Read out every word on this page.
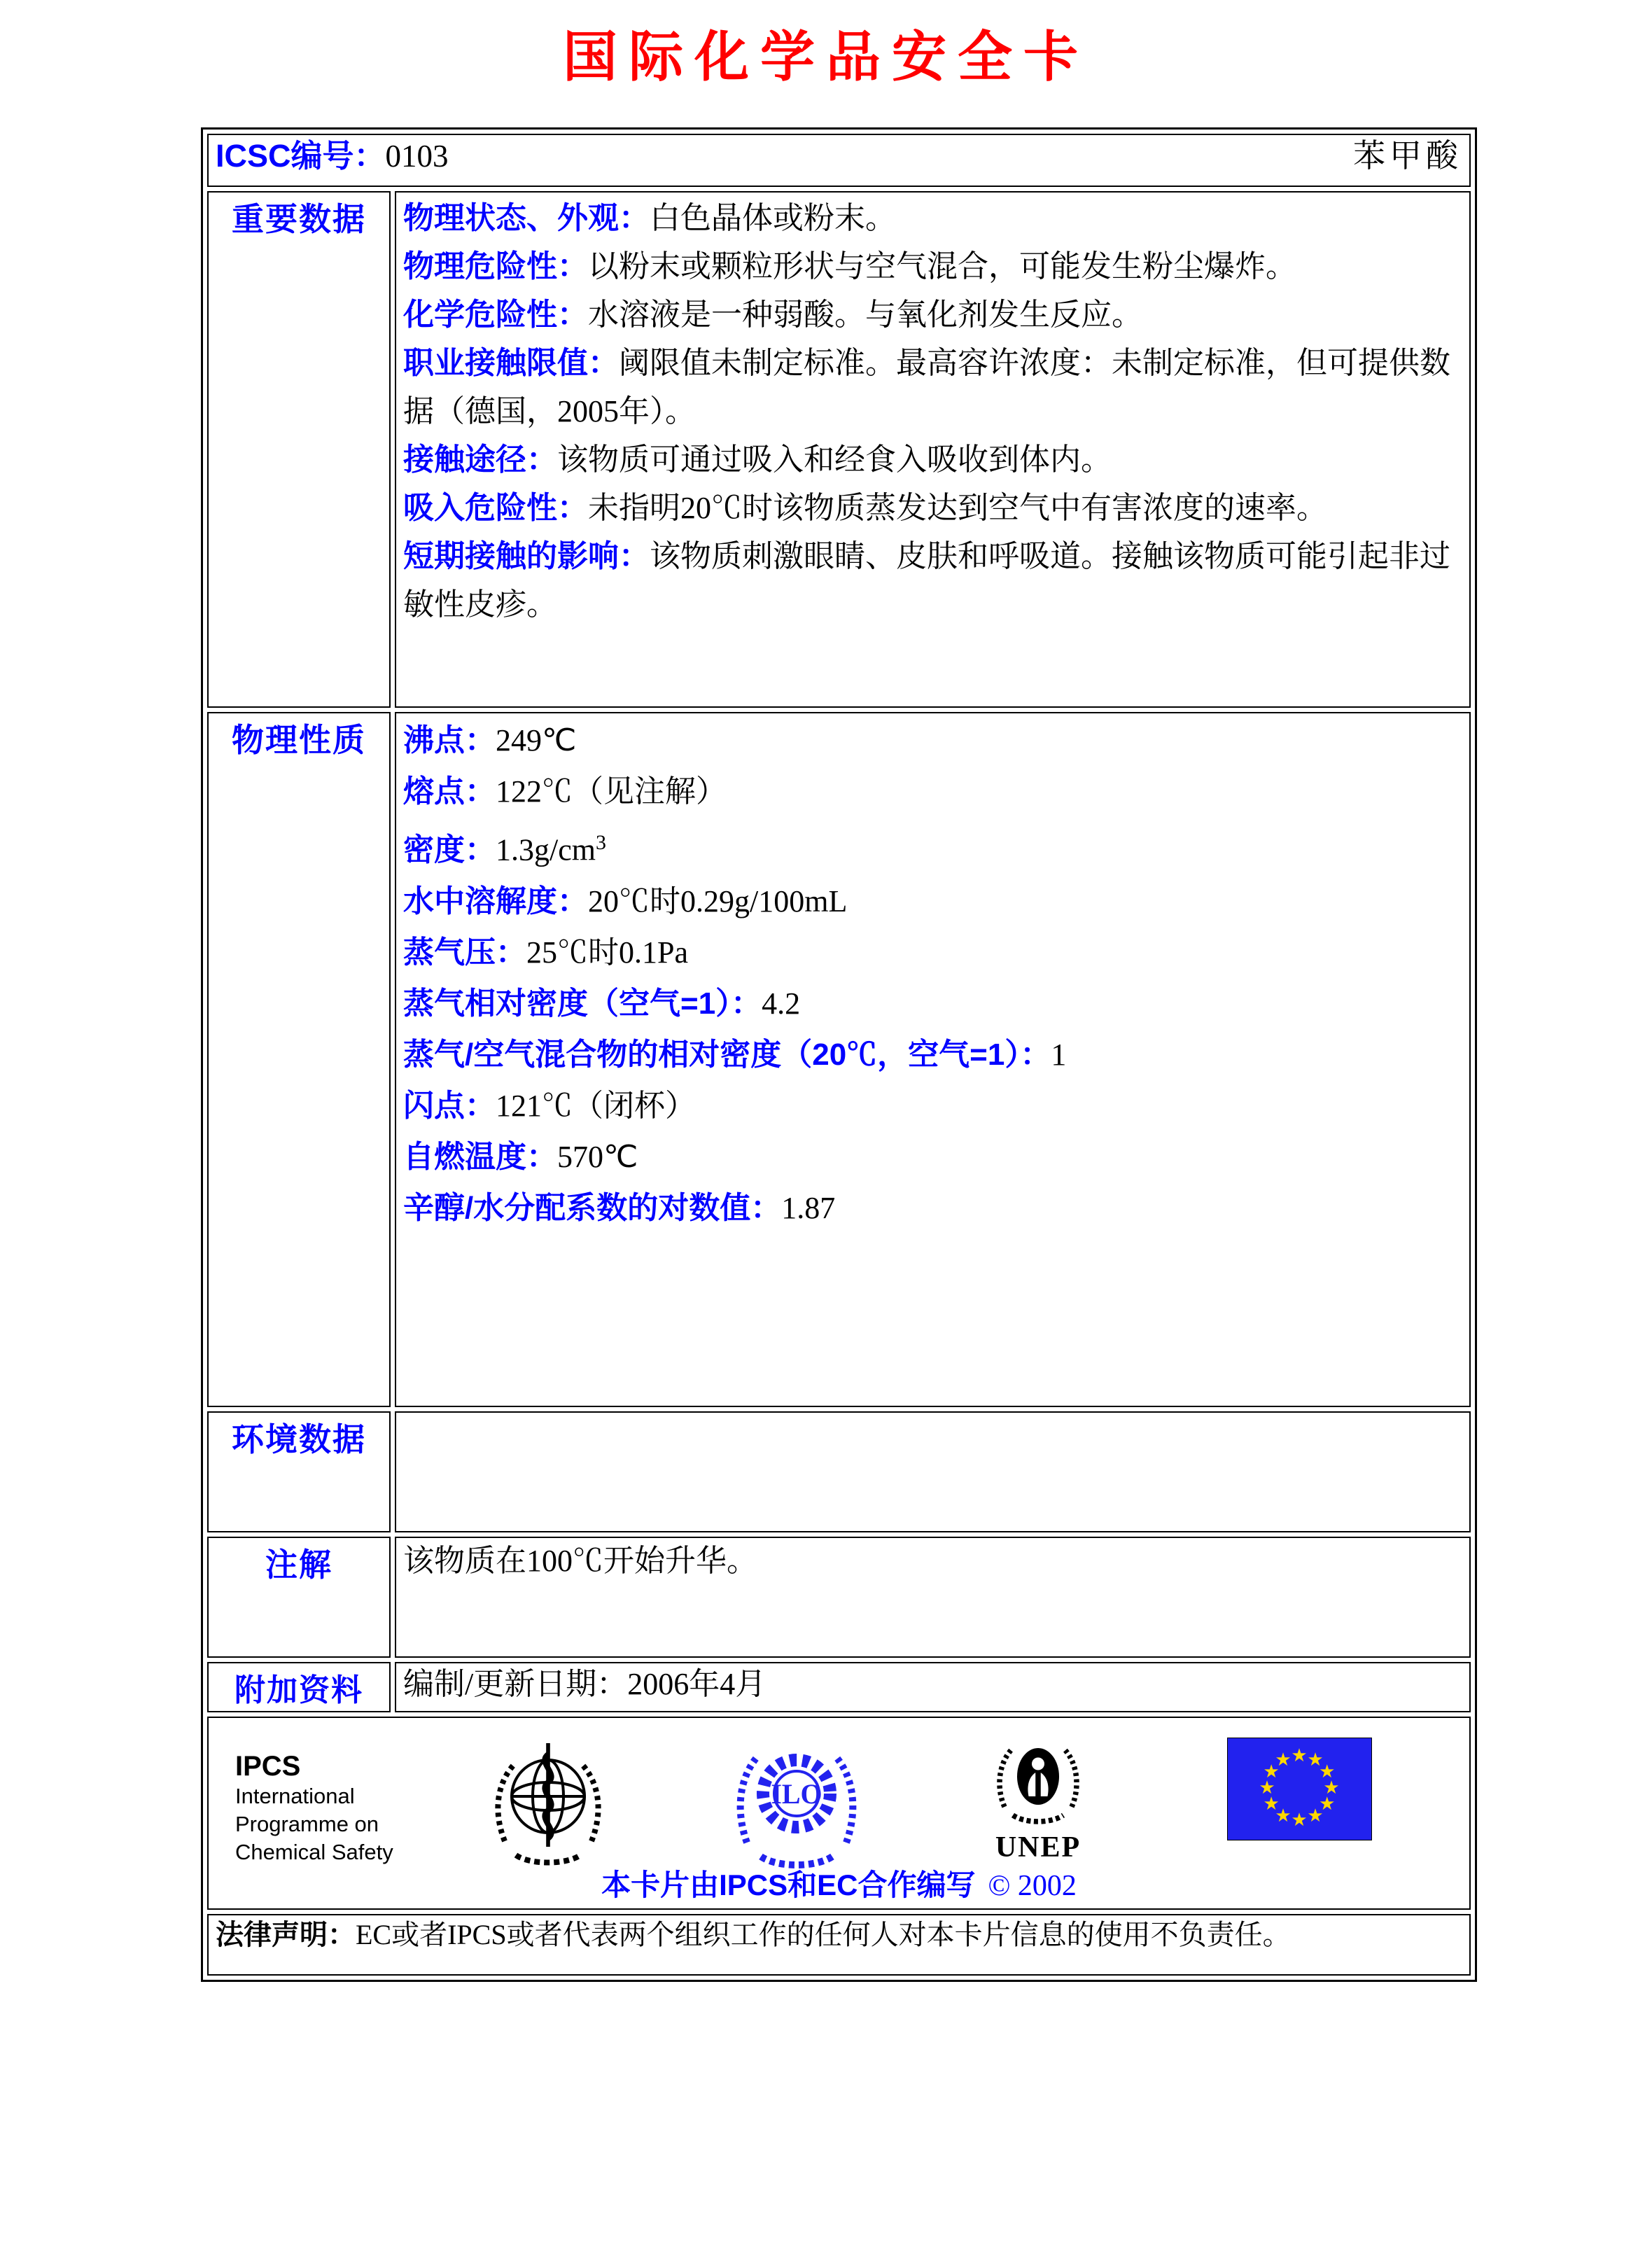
国际化学品安全卡
ICSC编号：0103 苯甲酸	

重要数据	物理状态、外观：白色晶体或粉末。

物理危险性：以粉末或颗粒形状与空气混合，可能发生粉尘爆炸。

化学危险性：水溶液是一种弱酸。与氧化剂发生反应。

职业接触限值：阈限值未制定标准。最高容许浓度：未制定标准，但可提供数据（德国，2005年）。

接触途径：该物质可通过吸入和经食入吸收到体内。

吸入危险性：未指明20℃时该物质蒸发达到空气中有害浓度的速率。

短期接触的影响：该物质刺激眼睛、皮肤和呼吸道。接触该物质可能引起非过敏性皮疹。

物理性质	沸点：249℃

熔点：122℃（见注解）

密度：$1.3g/cm^3$

水中溶解度：20℃时0.29g/100mL

蒸气压：25℃时0.1Pa

蒸气相对密度（空气=1）：4.2

蒸气/空气混合物的相对密度（20℃，空气=1）：1

闪点：121℃（闭杯）

自燃温度：570℃

辛醇/水分配系数的对数值：1.87

环境数据	
注解	该物质在100℃开始升华。

附加资料	编制/更新日期：2006年4月

IPCS
International
Programme on
Chemical Safety
ILO
UNEP
★ ★
★
★
★
★
★
★
★
★
★
★
本卡片由IPCS和EC合作编写 © 2002

法律声明：EC或者IPCS或者代表两个组织工作的任何人对本卡片信息的使用不负责任。	
